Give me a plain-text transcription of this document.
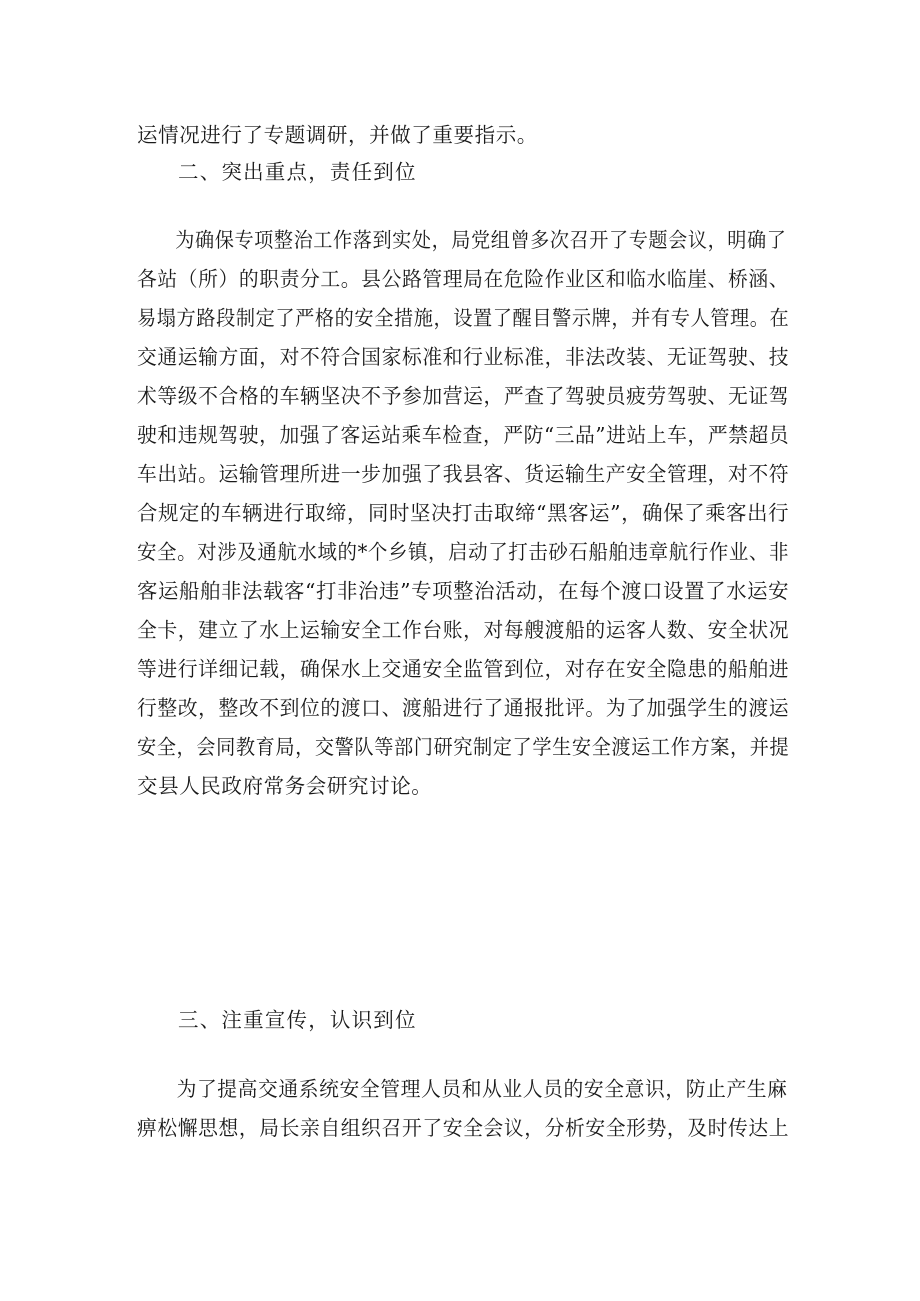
运情况进行了专题调研，并做了重要指示。
二、突出重点，责任到位
为确保专项整治工作落到实处，局党组曾多次召开了专题会议，明确了
各站（所）的职责分工。县公路管理局在危险作业区和临水临崖、桥涵、
易塌方路段制定了严格的安全措施，设置了醒目警示牌，并有专人管理。在
交通运输方面，对不符合国家标准和行业标准，非法改装、无证驾驶、技
术等级不合格的车辆坚决不予参加营运，严查了驾驶员疲劳驾驶、无证驾
驶和违规驾驶，加强了客运站乘车检查，严防“三品”进站上车，严禁超员
车出站。运输管理所进一步加强了我县客、货运输生产安全管理，对不符
合规定的车辆进行取缔，同时坚决打击取缔“黑客运”，确保了乘客出行
安全。对涉及通航水域的*个乡镇，启动了打击砂石船舶违章航行作业、非
客运船舶非法载客“打非治违”专项整治活动，在每个渡口设置了水运安
全卡，建立了水上运输安全工作台账，对每艘渡船的运客人数、安全状况
等进行详细记载，确保水上交通安全监管到位，对存在安全隐患的船舶进
行整改，整改不到位的渡口、渡船进行了通报批评。为了加强学生的渡运
安全，会同教育局，交警队等部门研究制定了学生安全渡运工作方案，并提
交县人民政府常务会研究讨论。
三、注重宣传，认识到位
为了提高交通系统安全管理人员和从业人员的安全意识，防止产生麻
痹松懈思想，局长亲自组织召开了安全会议，分析安全形势，及时传达上
